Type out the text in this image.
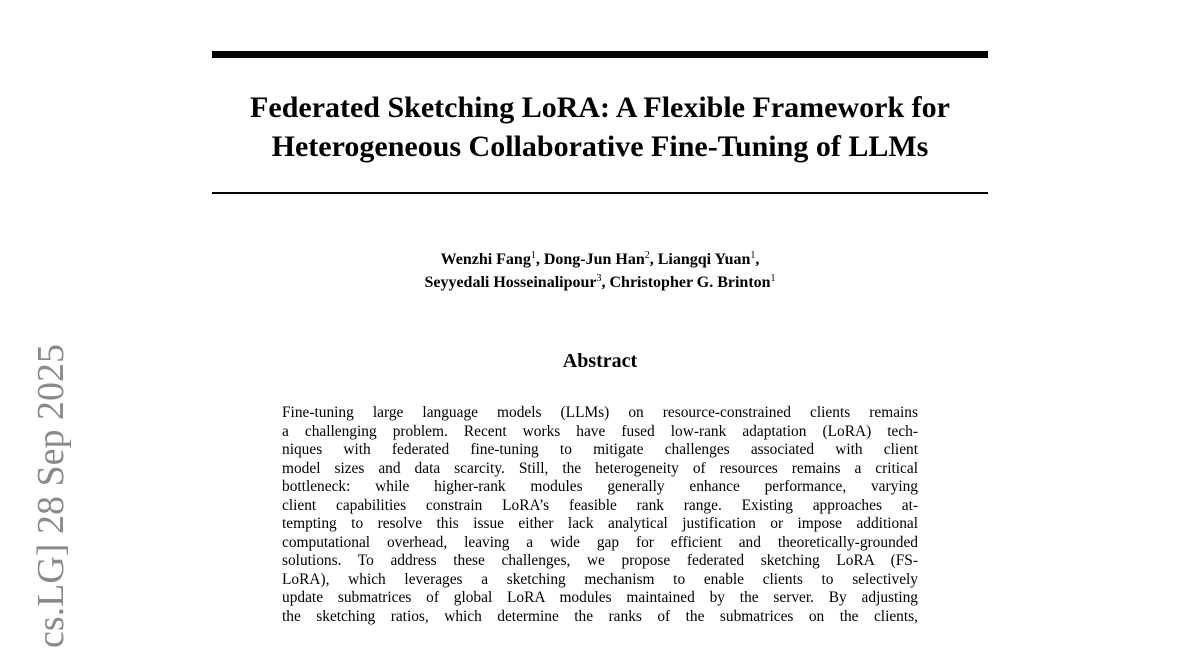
Federated Sketching LoRA: A Flexible Framework for
Heterogeneous Collaborative Fine-Tuning of LLMs
Wenzhi Fang$^1$, Dong-Jun Han$^2$, Liangqi Yuan$^1$,
Seyyedali Hosseinalipour$^3$, Christopher G. Brinton$^1$
Abstract
Fine-tuning large language models (LLMs) on resource-constrained clients remains
a challenging problem. Recent works have fused low-rank adaptation (LoRA) tech-
niques with federated fine-tuning to mitigate challenges associated with client
model sizes and data scarcity. Still, the heterogeneity of resources remains a critical
bottleneck: while higher-rank modules generally enhance performance, varying
client capabilities constrain LoRA’s feasible rank range. Existing approaches at-
tempting to resolve this issue either lack analytical justification or impose additional
computational overhead, leaving a wide gap for efficient and theoretically-grounded
solutions. To address these challenges, we propose federated sketching LoRA (FS-
LoRA), which leverages a sketching mechanism to enable clients to selectively
update submatrices of global LoRA modules maintained by the server. By adjusting
the sketching ratios, which determine the ranks of the submatrices on the clients,
cs.LG] 28 Sep 2025
